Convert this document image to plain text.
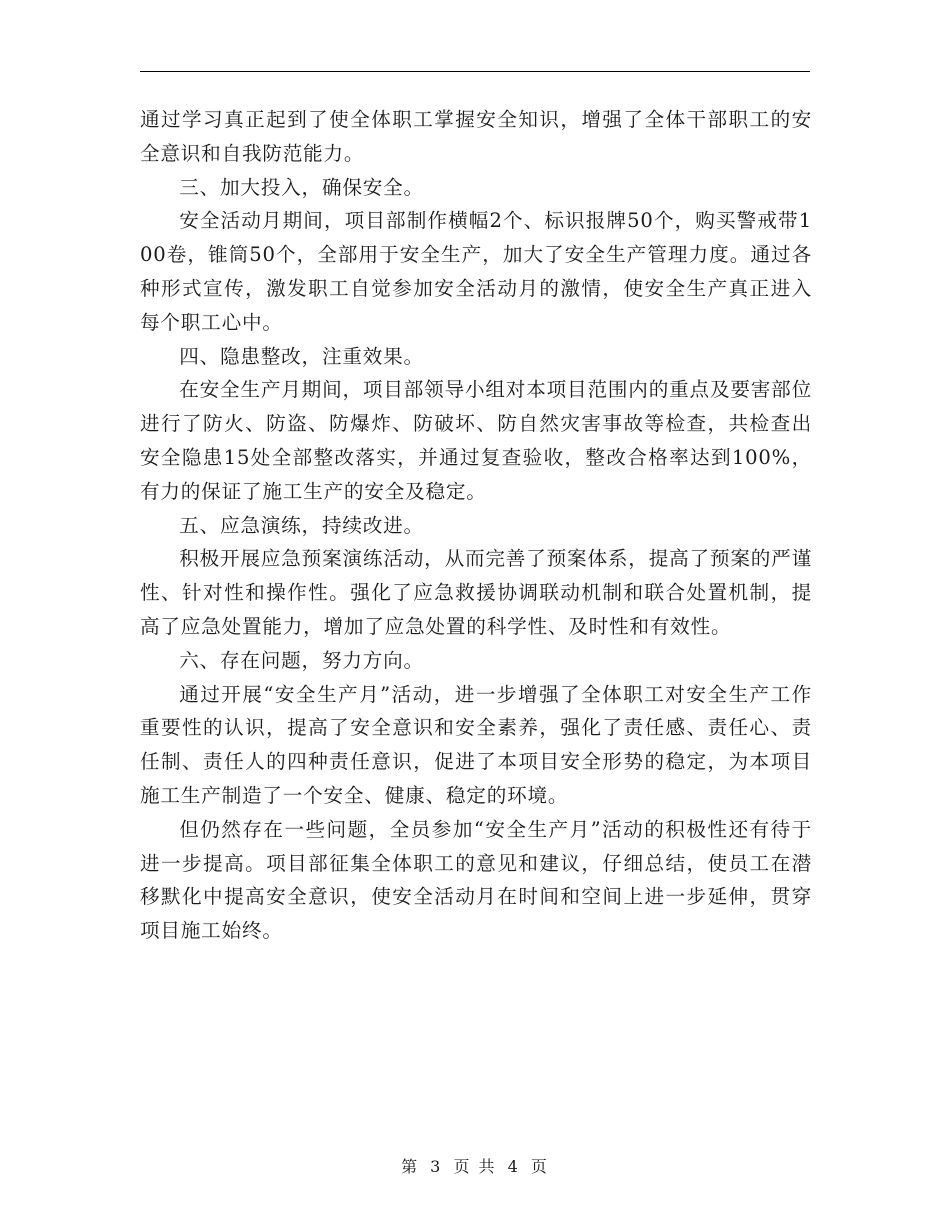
通过学习真正起到了使全体职工掌握安全知识，增强了全体干部职工的安全意识和自我防范能力。

三、加大投入，确保安全。

安全活动月期间，项目部制作横幅2个、标识报牌50个，购买警戒带100卷，锥筒50个，全部用于安全生产，加大了安全生产管理力度。通过各种形式宣传，激发职工自觉参加安全活动月的激情，使安全生产真正进入每个职工心中。

四、隐患整改，注重效果。

在安全生产月期间，项目部领导小组对本项目范围内的重点及要害部位进行了防火、防盗、防爆炸、防破坏、防自然灾害事故等检查，共检查出安全隐患15处全部整改落实，并通过复查验收，整改合格率达到100%，有力的保证了施工生产的安全及稳定。

五、应急演练，持续改进。

积极开展应急预案演练活动，从而完善了预案体系，提高了预案的严谨性、针对性和操作性。强化了应急救援协调联动机制和联合处置机制，提高了应急处置能力，增加了应急处置的科学性、及时性和有效性。

六、存在问题，努力方向。

通过开展“安全生产月”活动，进一步增强了全体职工对安全生产工作重要性的认识，提高了安全意识和安全素养，强化了责任感、责任心、责任制、责任人的四种责任意识，促进了本项目安全形势的稳定，为本项目施工生产制造了一个安全、健康、稳定的环境。

但仍然存在一些问题，全员参加“安全生产月”活动的积极性还有待于进一步提高。项目部征集全体职工的意见和建议，仔细总结，使员工在潜移默化中提高安全意识，使安全活动月在时间和空间上进一步延伸，贯穿项目施工始终。

第 3 页 共 4 页
